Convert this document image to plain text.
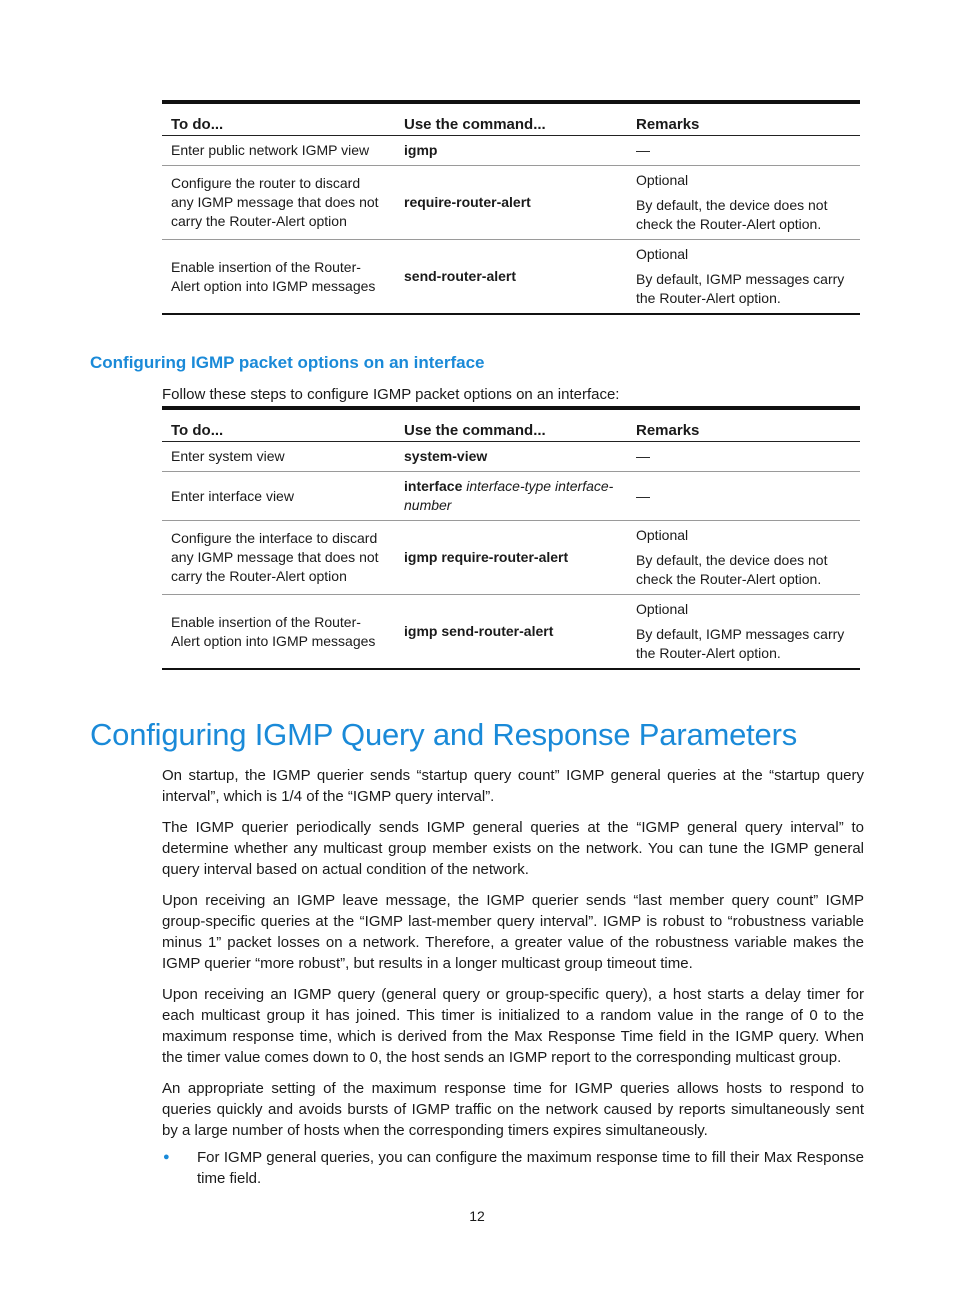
To do...	Use the command...	Remarks
Enter public network IGMP view	igmp	—
Configure the router to discard any IGMP message that does not carry the Router-Alert option	require-router-alert	Optional
By default, the device does not check the Router-Alert option.

Enable insertion of the Router-Alert option into IGMP messages	send-router-alert	Optional
By default, IGMP messages carry the Router-Alert option.
Configuring IGMP packet options on an interface

Follow these steps to configure IGMP packet options on an interface:

To do...	Use the command...	Remarks
Enter system view	system-view	—
Enter interface view	interface interface-type interface-number	—
Configure the interface to discard any IGMP message that does not carry the Router-Alert option	igmp require-router-alert	Optional
By default, the device does not check the Router-Alert option.

Enable insertion of the Router-Alert option into IGMP messages	igmp send-router-alert	Optional
By default, IGMP messages carry the Router-Alert option.
Configuring IGMP Query and Response Parameters

On startup, the IGMP querier sends “startup query count” IGMP general queries at the “startup query interval”, which is 1/4 of the “IGMP query interval”.

The IGMP querier periodically sends IGMP general queries at the “IGMP general query interval” to determine whether any multicast group member exists on the network. You can tune the IGMP general query interval based on actual condition of the network.

Upon receiving an IGMP leave message, the IGMP querier sends “last member query count” IGMP group-specific queries at the “IGMP last-member query interval”. IGMP is robust to “robustness variable minus 1” packet losses on a network. Therefore, a greater value of the robustness variable makes the IGMP querier “more robust”, but results in a longer multicast group timeout time.

Upon receiving an IGMP query (general query or group-specific query), a host starts a delay timer for each multicast group it has joined. This timer is initialized to a random value in the range of 0 to the maximum response time, which is derived from the Max Response Time field in the IGMP query. When the timer value comes down to 0, the host sends an IGMP report to the corresponding multicast group.

An appropriate setting of the maximum response time for IGMP queries allows hosts to respond to queries quickly and avoids bursts of IGMP traffic on the network caused by reports simultaneously sent by a large number of hosts when the corresponding timers expires simultaneously.

● For IGMP general queries, you can configure the maximum response time to fill their Max Response time field.
12
